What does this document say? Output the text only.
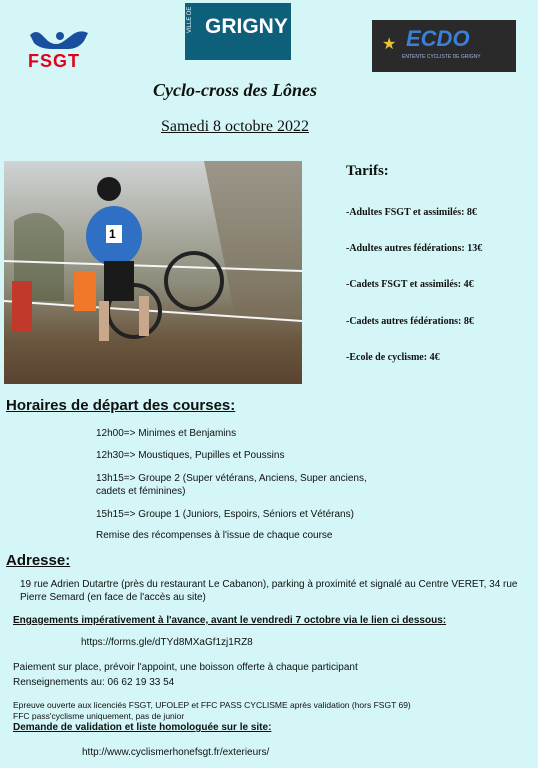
FSGT
VILLE DE GRIGNY
★ ECDO
ENTENTE CYCLISTE DE GRIGNY
Cyclo-cross des Lônes
Samedi 8 octobre 2022
1
Tarifs:
-Adultes FSGT et assimilés: 8€
-Adultes autres fédérations: 13€
-Cadets FSGT et assimilés: 4€
-Cadets autres fédérations: 8€
-Ecole de cyclisme: 4€
Horaires de départ des courses:
12h00=> Minimes et Benjamins
12h30=> Moustiques, Pupilles et Poussins
13h15=> Groupe 2 (Super vétérans, Anciens, Super anciens, cadets et féminines)
15h15=> Groupe 1 (Juniors, Espoirs, Séniors et Vétérans)
Remise des récompenses à l'issue de chaque course
Adresse:
19 rue Adrien Dutartre (près du restaurant Le Cabanon), parking à proximité et signalé au Centre VERET, 34 rue Pierre Semard (en face de l'accès au site)
Engagements impérativement à l'avance, avant le vendredi 7 octobre via le lien ci dessous:
https://forms.gle/dTYd8MXaGf1zj1RZ8
Paiement sur place, prévoir l'appoint, une boisson offerte à chaque participant
Renseignements au: 06 62 19 33 54
Epreuve ouverte aux licenciés FSGT, UFOLEP et FFC PASS CYCLISME après validation (hors FSGT 69)
FFC pass'cyclisme uniquement, pas de junior
Demande de validation et liste homologuée sur le site:
http://www.cyclismerhonefsgt.fr/exterieurs/
